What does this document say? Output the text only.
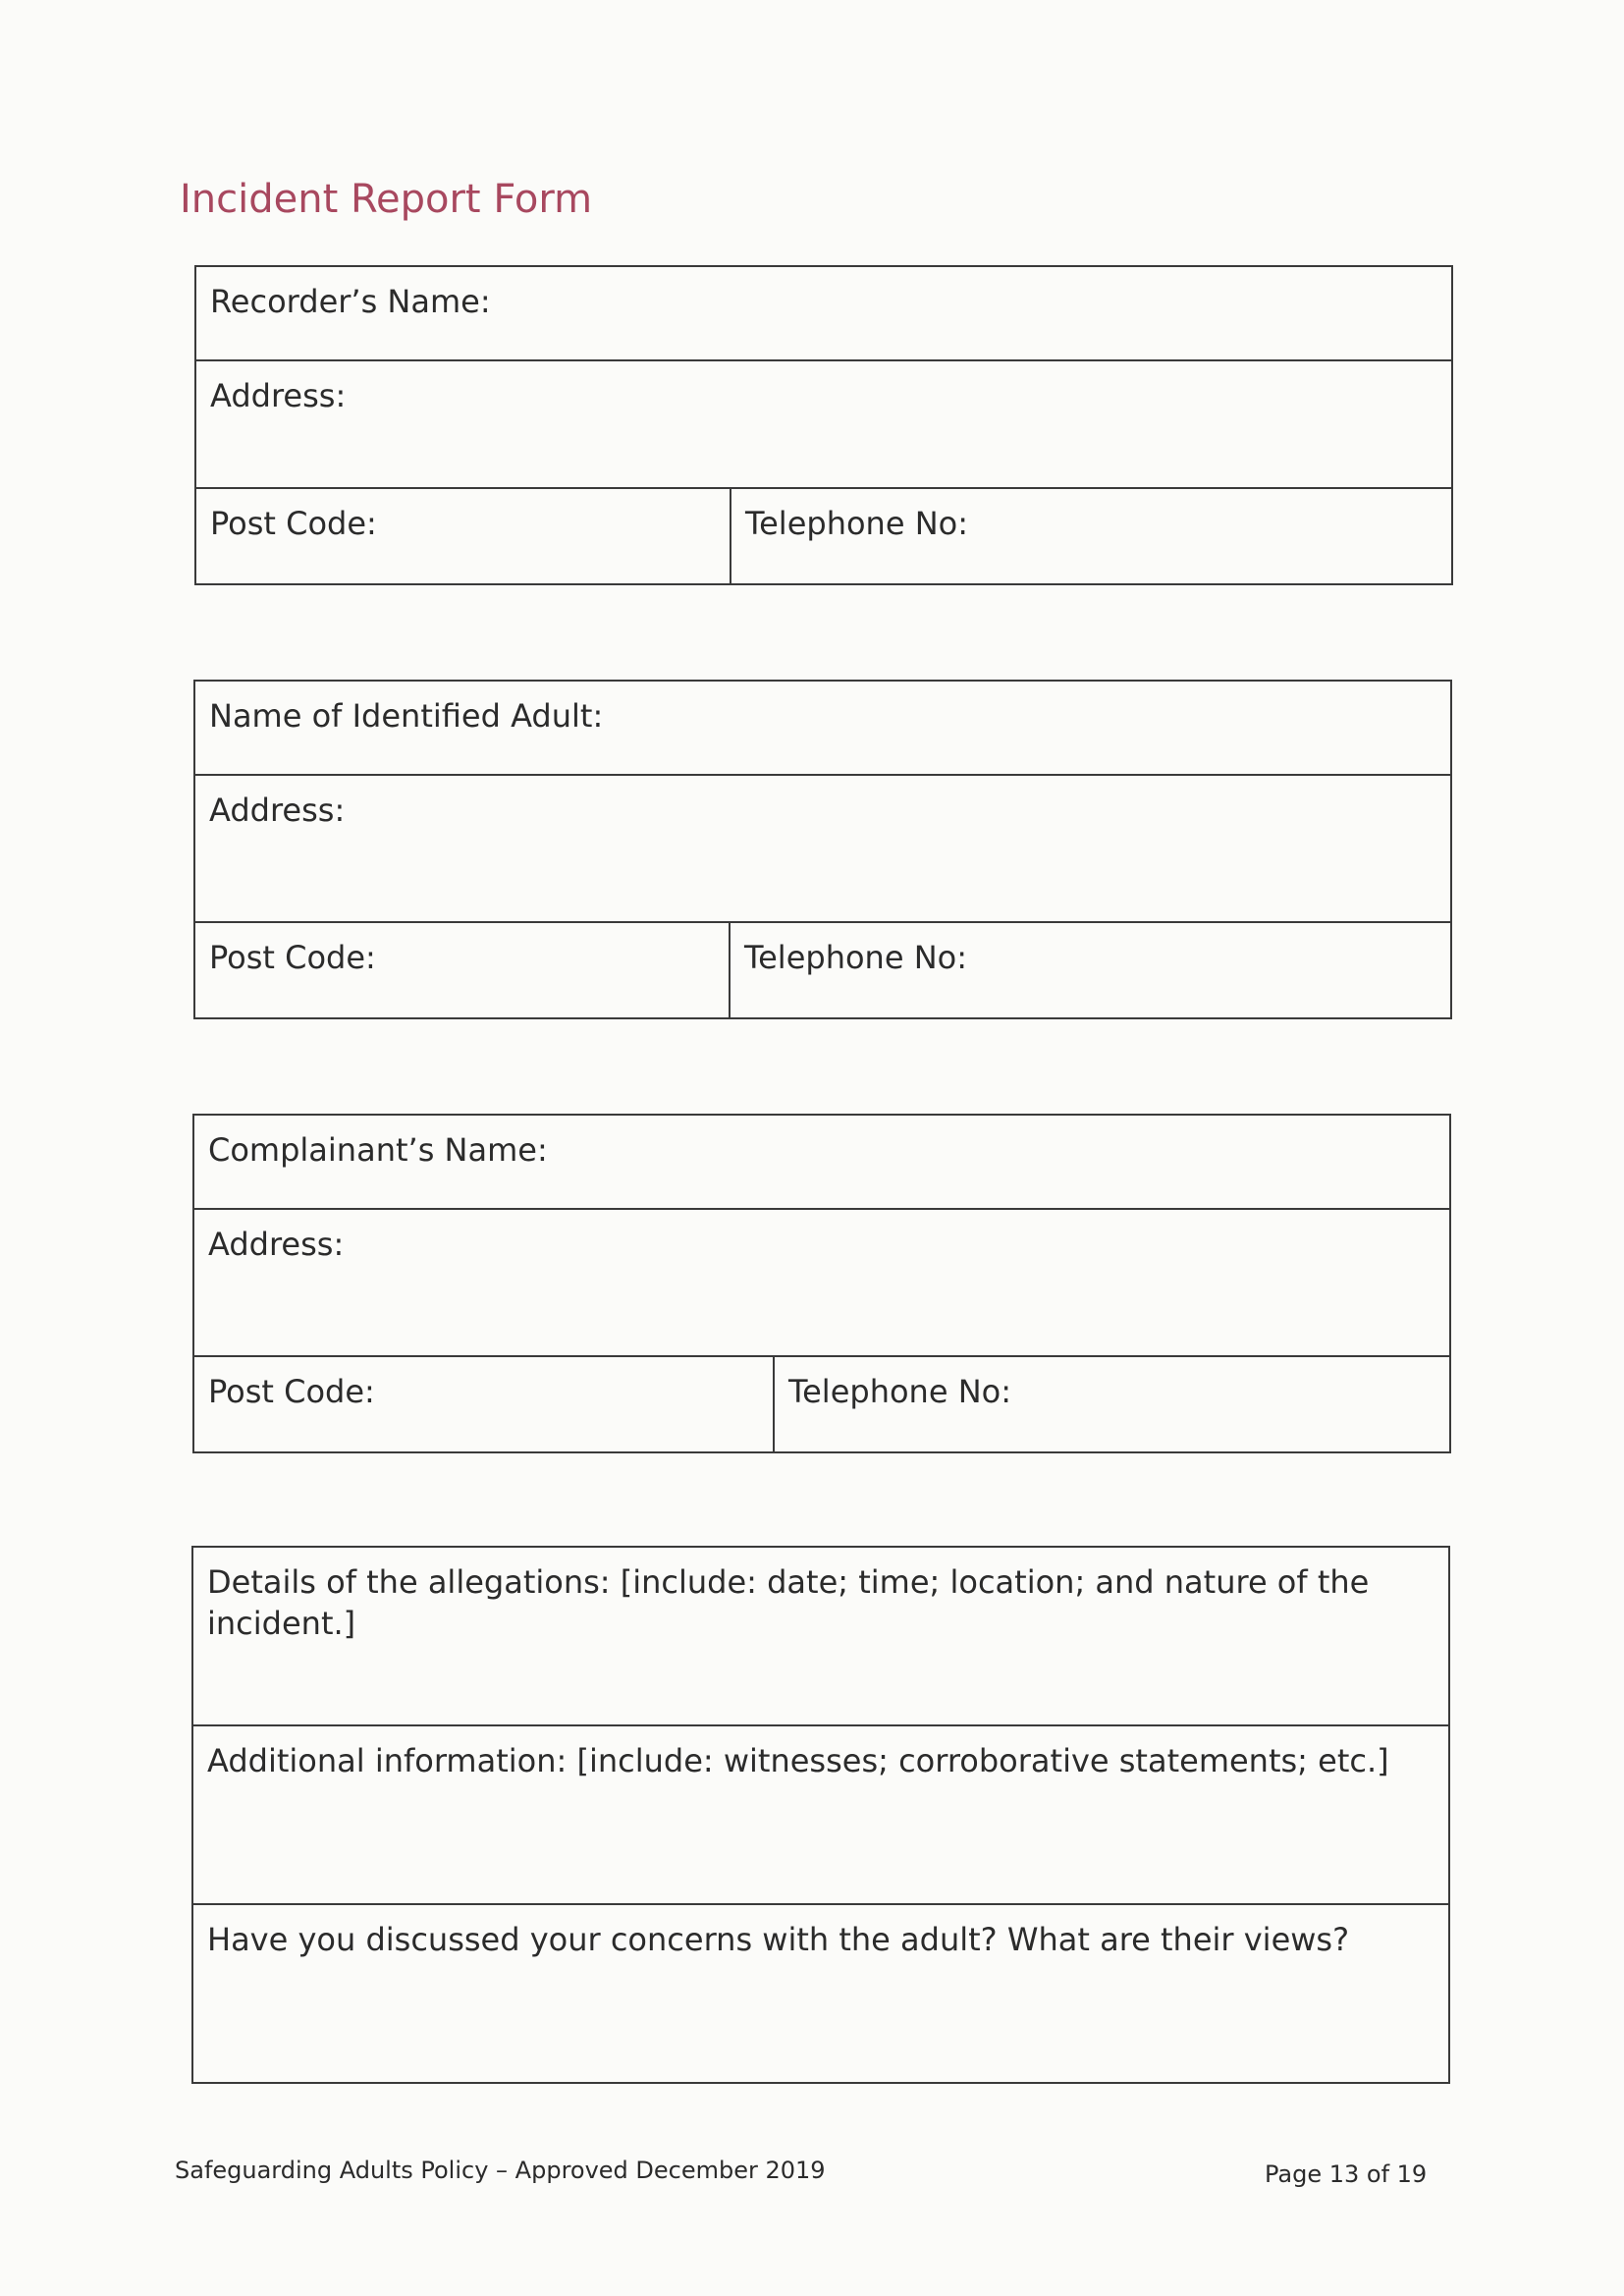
Incident Report Form
Recorder’s Name:
Address:
Post Code:	Telephone No:
Name of Identified Adult:
Address:
Post Code:	Telephone No:
Complainant’s Name:
Address:
Post Code:	Telephone No:
Details of the allegations: [include: date; time; location; and nature of the incident.]
Additional information: [include: witnesses; corroborative statements; etc.]
Have you discussed your concerns with the adult? What are their views?
Safeguarding Adults Policy – Approved December 2019	Page 13 of 19
